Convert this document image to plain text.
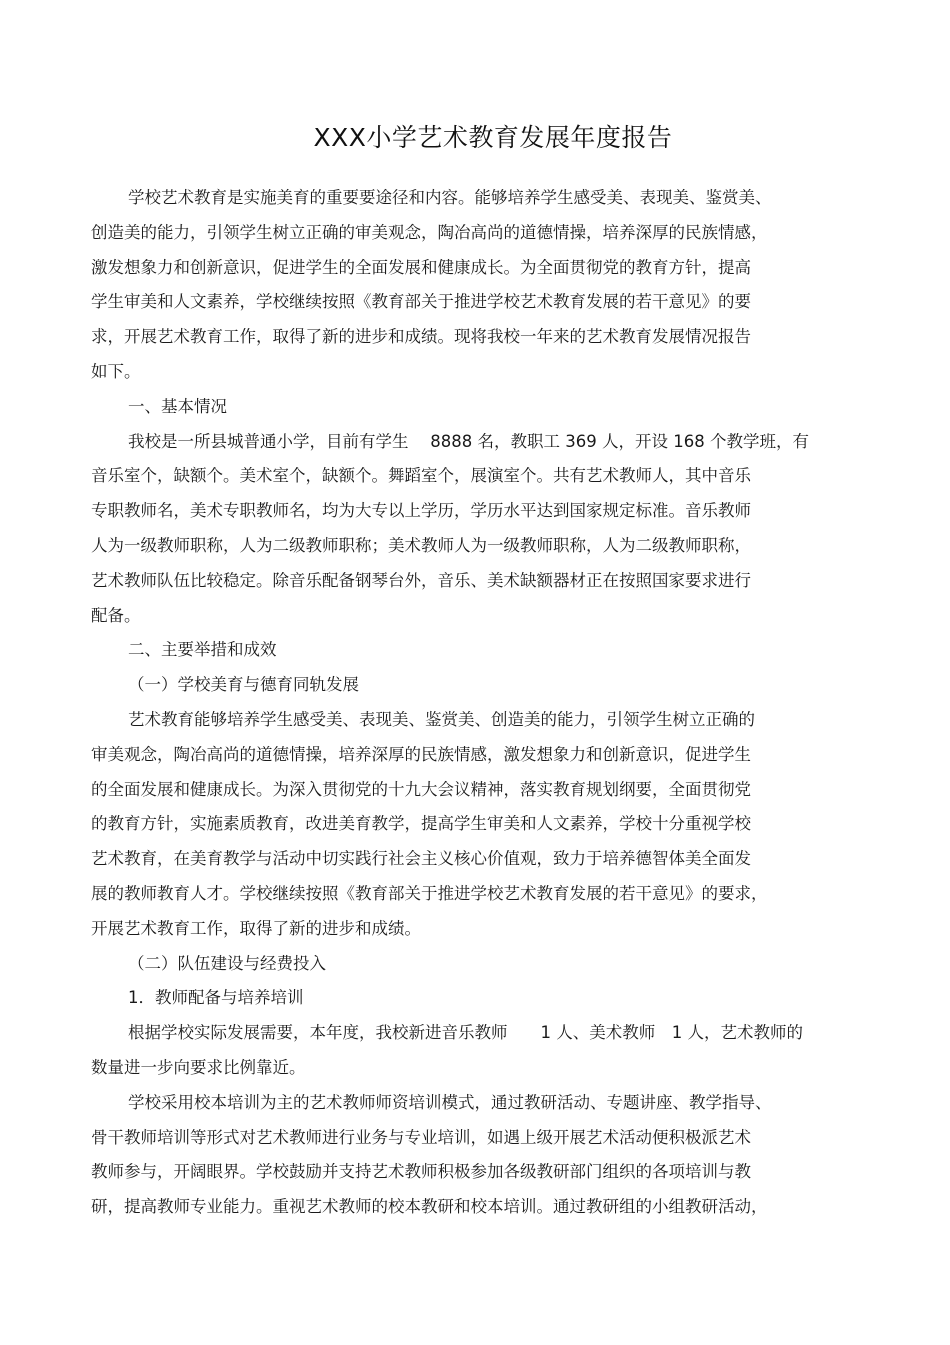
XXX小学艺术教育发展年度报告
学校艺术教育是实施美育的重要要途径和内容。能够培养学生感受美、表现美、鉴赏美、
创造美的能力，引领学生树立正确的审美观念，陶冶高尚的道德情操，培养深厚的民族情感，
激发想象力和创新意识，促进学生的全面发展和健康成长。为全面贯彻党的教育方针，提高
学生审美和人文素养，学校继续按照《教育部关于推进学校艺术教育发展的若干意见》的要
求，开展艺术教育工作，取得了新的进步和成绩。现将我校一年来的艺术教育发展情况报告
如下。
一、基本情况
我校是一所县城普通小学，目前有学生　 8888 名，教职工 369 人，开设 168 个教学班，有
音乐室个，缺额个。美术室个，缺额个。舞蹈室个，展演室个。共有艺术教师人，其中音乐
专职教师名，美术专职教师名，均为大专以上学历，学历水平达到国家规定标准。音乐教师
人为一级教师职称，人为二级教师职称；美术教师人为一级教师职称，人为二级教师职称，
艺术教师队伍比较稳定。除音乐配备钢琴台外，音乐、美术缺额器材正在按照国家要求进行
配备。
二、主要举措和成效
（一）学校美育与德育同轨发展
艺术教育能够培养学生感受美、表现美、鉴赏美、创造美的能力，引领学生树立正确的
审美观念，陶冶高尚的道德情操，培养深厚的民族情感，激发想象力和创新意识，促进学生
的全面发展和健康成长。为深入贯彻党的十九大会议精神，落实教育规划纲要，全面贯彻党
的教育方针，实施素质教育，改进美育教学，提高学生审美和人文素养，学校十分重视学校
艺术教育，在美育教学与活动中切实践行社会主义核心价值观，致力于培养德智体美全面发
展的教师教育人才。学校继续按照《教育部关于推进学校艺术教育发展的若干意见》的要求，
开展艺术教育工作，取得了新的进步和成绩。
（二）队伍建设与经费投入
1．教师配备与培养培训
根据学校实际发展需要，本年度，我校新进音乐教师　　1 人、美术教师　1 人，艺术教师的
数量进一步向要求比例靠近。
学校采用校本培训为主的艺术教师师资培训模式，通过教研活动、专题讲座、教学指导、
骨干教师培训等形式对艺术教师进行业务与专业培训，如遇上级开展艺术活动便积极派艺术
教师参与，开阔眼界。学校鼓励并支持艺术教师积极参加各级教研部门组织的各项培训与教
研，提高教师专业能力。重视艺术教师的校本教研和校本培训。通过教研组的小组教研活动，
